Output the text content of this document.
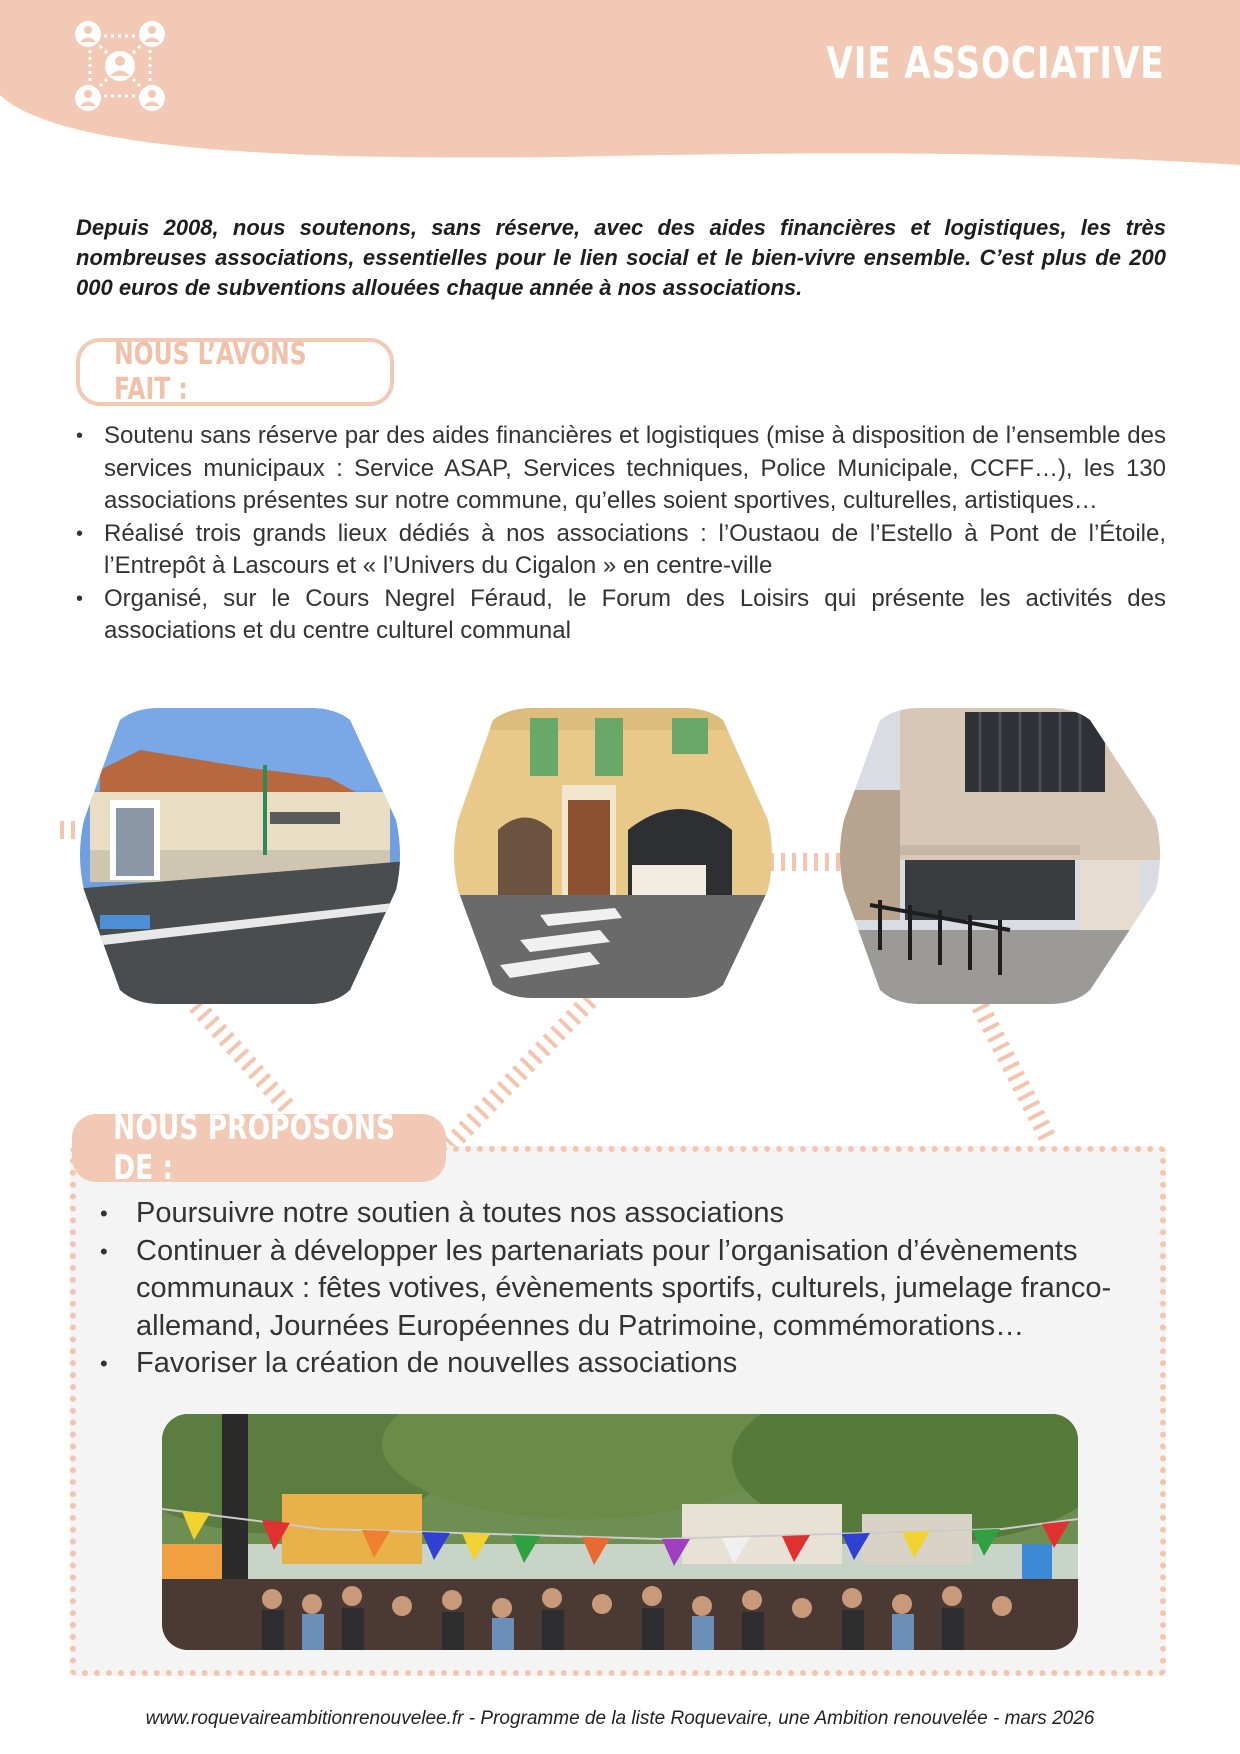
VIE ASSOCIATIVE

Depuis 2008, nous soutenons, sans réserve, avec des aides financières et logistiques, les très nombreuses associations, essentielles pour le lien social et le bien-vivre ensemble. C’est plus de 200 000 euros de subventions allouées chaque année à nos associations.

NOUS L’AVONS FAIT :
• Soutenu sans réserve par des aides financières et logistiques (mise à disposition de l’ensemble des services municipaux : Service ASAP, Services techniques, Police Municipale, CCFF…), les 130 associations présentes sur notre commune, qu’elles soient sportives, culturelles, artistiques…
• Réalisé trois grands lieux dédiés à nos associations : l’Oustaou de l’Estello à Pont de l’Étoile, l’Entrepôt à Lascours et « l’Univers du Cigalon » en centre-ville
• Organisé, sur le Cours Negrel Féraud, le Forum des Loisirs qui présente les activités des associations et du centre culturel communal
NOUS PROPOSONS DE :
• Poursuivre notre soutien à toutes nos associations
• Continuer à développer les partenariats pour l’organisation d’évènements communaux : fêtes votives, évènements sportifs, culturels, jumelage franco-allemand, Journées Européennes du Patrimoine, commémorations…
• Favoriser la création de nouvelles associations
www.roquevaireambitionrenouvelee.fr - Programme de la liste Roquevaire, une Ambition renouvelée - mars 2026
